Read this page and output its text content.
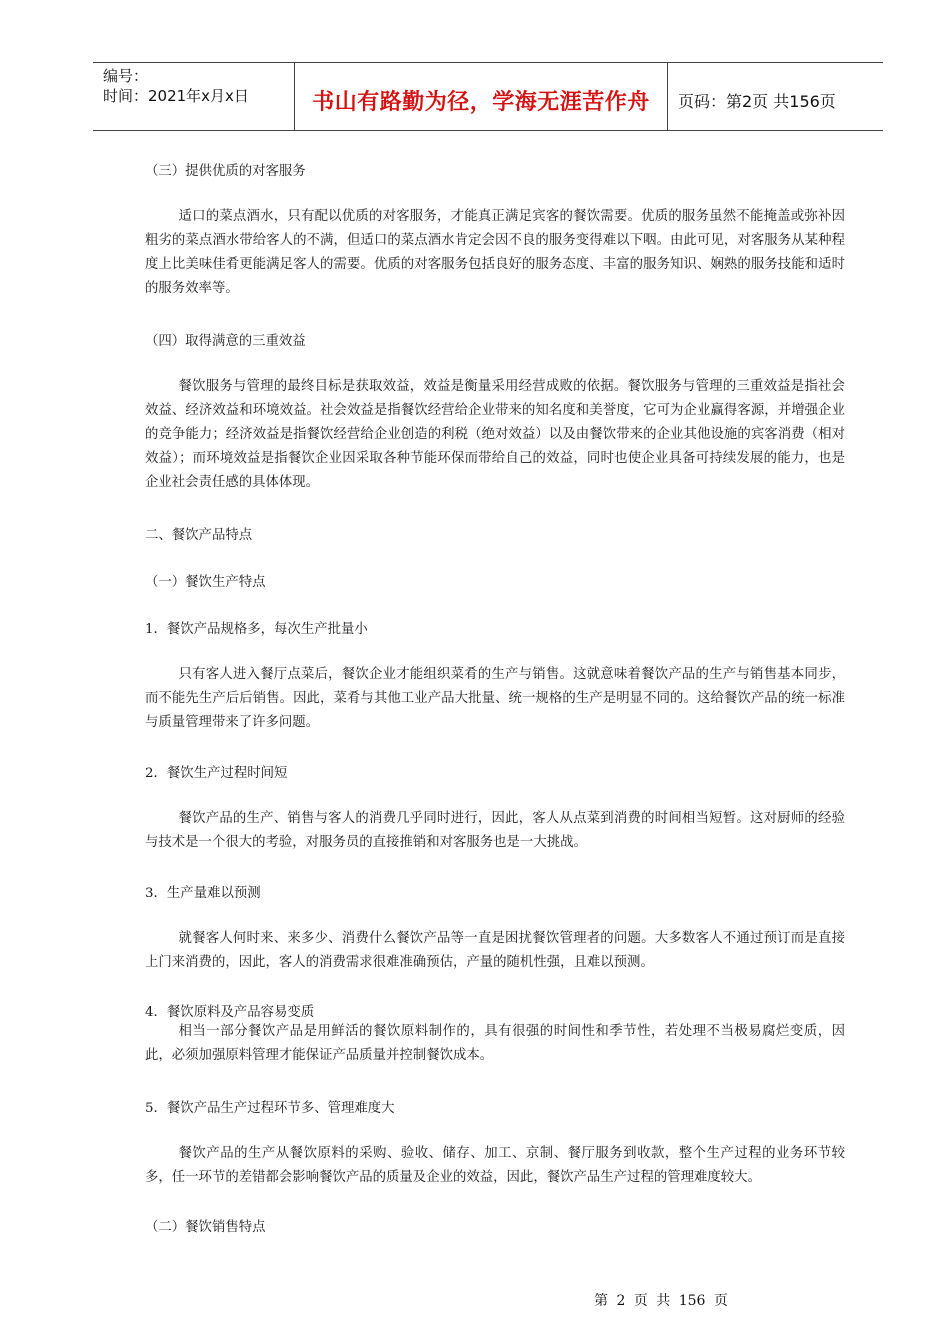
编号：
时间：2021年x月x日	书山有路勤为径，学海无涯苦作舟	页码：第2页 共156页
（三）提供优质的对客服务
适口的菜点酒水，只有配以优质的对客服务，才能真正满足宾客的餐饮需要。优质的服务虽然不能掩盖或弥补因粗劣的菜点酒水带给客人的不满，但适口的菜点酒水肯定会因不良的服务变得难以下咽。由此可见，对客服务从某种程度上比美味佳肴更能满足客人的需要。优质的对客服务包括良好的服务态度、丰富的服务知识、娴熟的服务技能和适时的服务效率等。
（四）取得满意的三重效益
餐饮服务与管理的最终目标是获取效益，效益是衡量采用经营成败的依据。餐饮服务与管理的三重效益是指社会效益、经济效益和环境效益。社会效益是指餐饮经营给企业带来的知名度和美誉度，它可为企业赢得客源，并增强企业的竞争能力；经济效益是指餐饮经营给企业创造的利税（绝对效益）以及由餐饮带来的企业其他设施的宾客消费（相对效益）；而环境效益是指餐饮企业因采取各种节能环保而带给自己的效益，同时也使企业具备可持续发展的能力，也是企业社会责任感的具体体现。
二、餐饮产品特点
（一）餐饮生产特点
1．餐饮产品规格多，每次生产批量小
只有客人进入餐厅点菜后，餐饮企业才能组织菜肴的生产与销售。这就意味着餐饮产品的生产与销售基本同步，而不能先生产后后销售。因此，菜肴与其他工业产品大批量、统一规格的生产是明显不同的。这给餐饮产品的统一标准与质量管理带来了许多问题。
2．餐饮生产过程时间短
餐饮产品的生产、销售与客人的消费几乎同时进行，因此，客人从点菜到消费的时间相当短暂。这对厨师的经验与技术是一个很大的考验，对服务员的直接推销和对客服务也是一大挑战。
3．生产量难以预测
就餐客人何时来、来多少、消费什么餐饮产品等一直是困扰餐饮管理者的问题。大多数客人不通过预订而是直接上门来消费的，因此，客人的消费需求很难准确预估，产量的随机性强，且难以预测。
4．餐饮原料及产品容易变质
相当一部分餐饮产品是用鲜活的餐饮原料制作的，具有很强的时间性和季节性，若处理不当极易腐烂变质，因此，必须加强原料管理才能保证产品质量并控制餐饮成本。
5．餐饮产品生产过程环节多、管理难度大
餐饮产品的生产从餐饮原料的采购、验收、储存、加工、京制、餐厅服务到收款，整个生产过程的业务环节较多，任一环节的差错都会影响餐饮产品的质量及企业的效益，因此，餐饮产品生产过程的管理难度较大。
（二）餐饮销售特点
第 2 页 共 156 页
